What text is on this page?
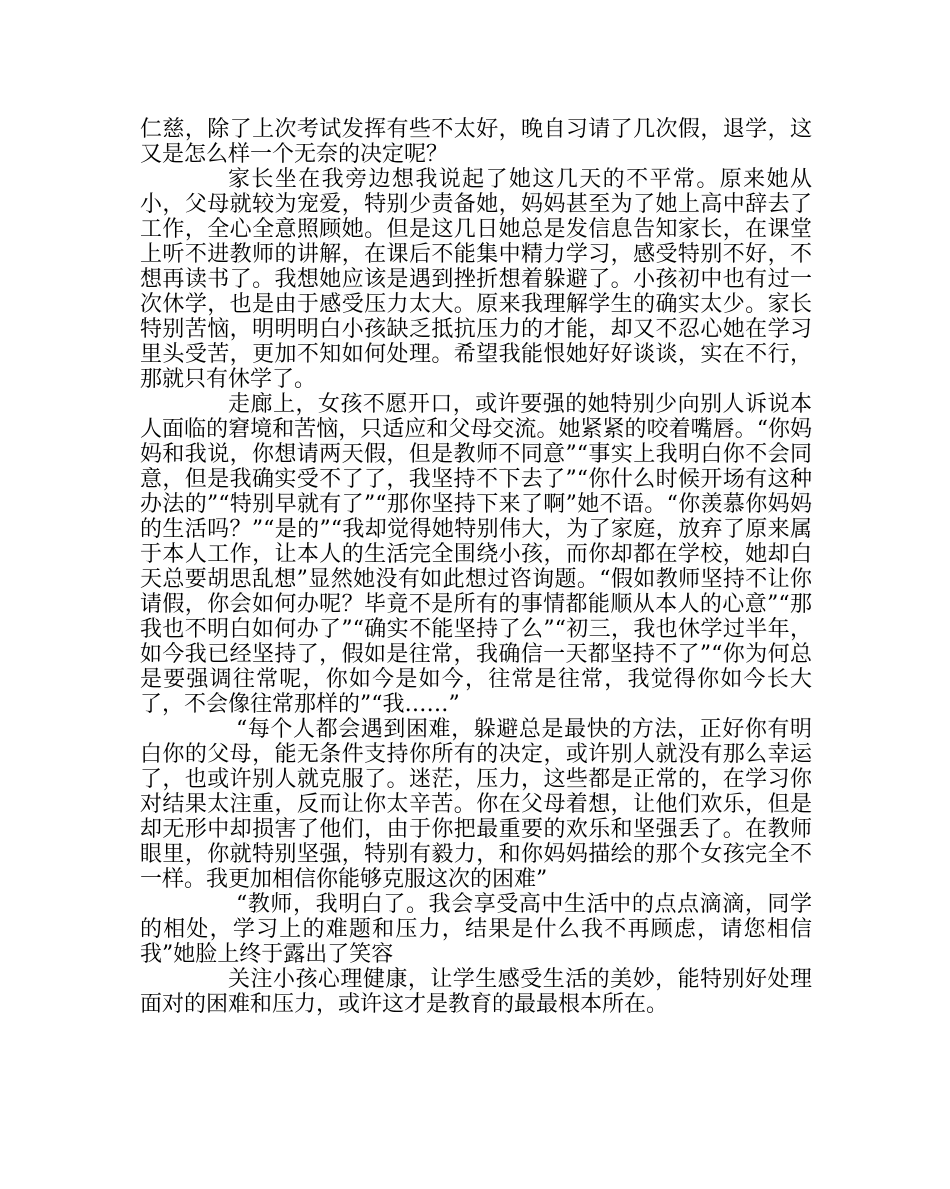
仁慈，除了上次考试发挥有些不太好，晚自习请了几次假，退学，这又是怎么样一个无奈的决定呢？

家长坐在我旁边想我说起了她这几天的不平常。原来她从小，父母就较为宠爱，特别少责备她，妈妈甚至为了她上高中辞去了工作，全心全意照顾她。但是这几日她总是发信息告知家长，在课堂上听不进教师的讲解，在课后不能集中精力学习，感受特别不好，不想再读书了。我想她应该是遇到挫折想着躲避了。小孩初中也有过一次休学，也是由于感受压力太大。原来我理解学生的确实太少。家长特别苦恼，明明明白小孩缺乏抵抗压力的才能，却又不忍心她在学习里头受苦，更加不知如何处理。希望我能恨她好好谈谈，实在不行，那就只有休学了。

走廊上，女孩不愿开口，或许要强的她特别少向别人诉说本人面临的窘境和苦恼，只适应和父母交流。她紧紧的咬着嘴唇。“你妈妈和我说，你想请两天假，但是教师不同意”“事实上我明白你不会同意，但是我确实受不了了，我坚持不下去了”“你什么时候开场有这种办法的”“特别早就有了”“那你坚持下来了啊”她不语。“你羡慕你妈妈的生活吗？”“是的”“我却觉得她特别伟大，为了家庭，放弃了原来属于本人工作，让本人的生活完全围绕小孩，而你却都在学校，她却白天总要胡思乱想”显然她没有如此想过咨询题。“假如教师坚持不让你请假，你会如何办呢？毕竟不是所有的事情都能顺从本人的心意”“那我也不明白如何办了”“确实不能坚持了么”“初三，我也休学过半年，如今我已经坚持了，假如是往常，我确信一天都坚持不了”“你为何总是要强调往常呢，你如今是如今，往常是往常，我觉得你如今长大了，不会像往常那样的”“我……”

“每个人都会遇到困难，躲避总是最快的方法，正好你有明白你的父母，能无条件支持你所有的决定，或许别人就没有那么幸运了，也或许别人就克服了。迷茫，压力，这些都是正常的，在学习你对结果太注重，反而让你太辛苦。你在父母着想，让他们欢乐，但是却无形中却损害了他们，由于你把最重要的欢乐和坚强丢了。在教师眼里，你就特别坚强，特别有毅力，和你妈妈描绘的那个女孩完全不一样。我更加相信你能够克服这次的困难”

“教师，我明白了。我会享受高中生活中的点点滴滴，同学的相处，学习上的难题和压力，结果是什么我不再顾虑，请您相信我”她脸上终于露出了笑容

关注小孩心理健康，让学生感受生活的美妙，能特别好处理面对的困难和压力，或许这才是教育的最最根本所在。
